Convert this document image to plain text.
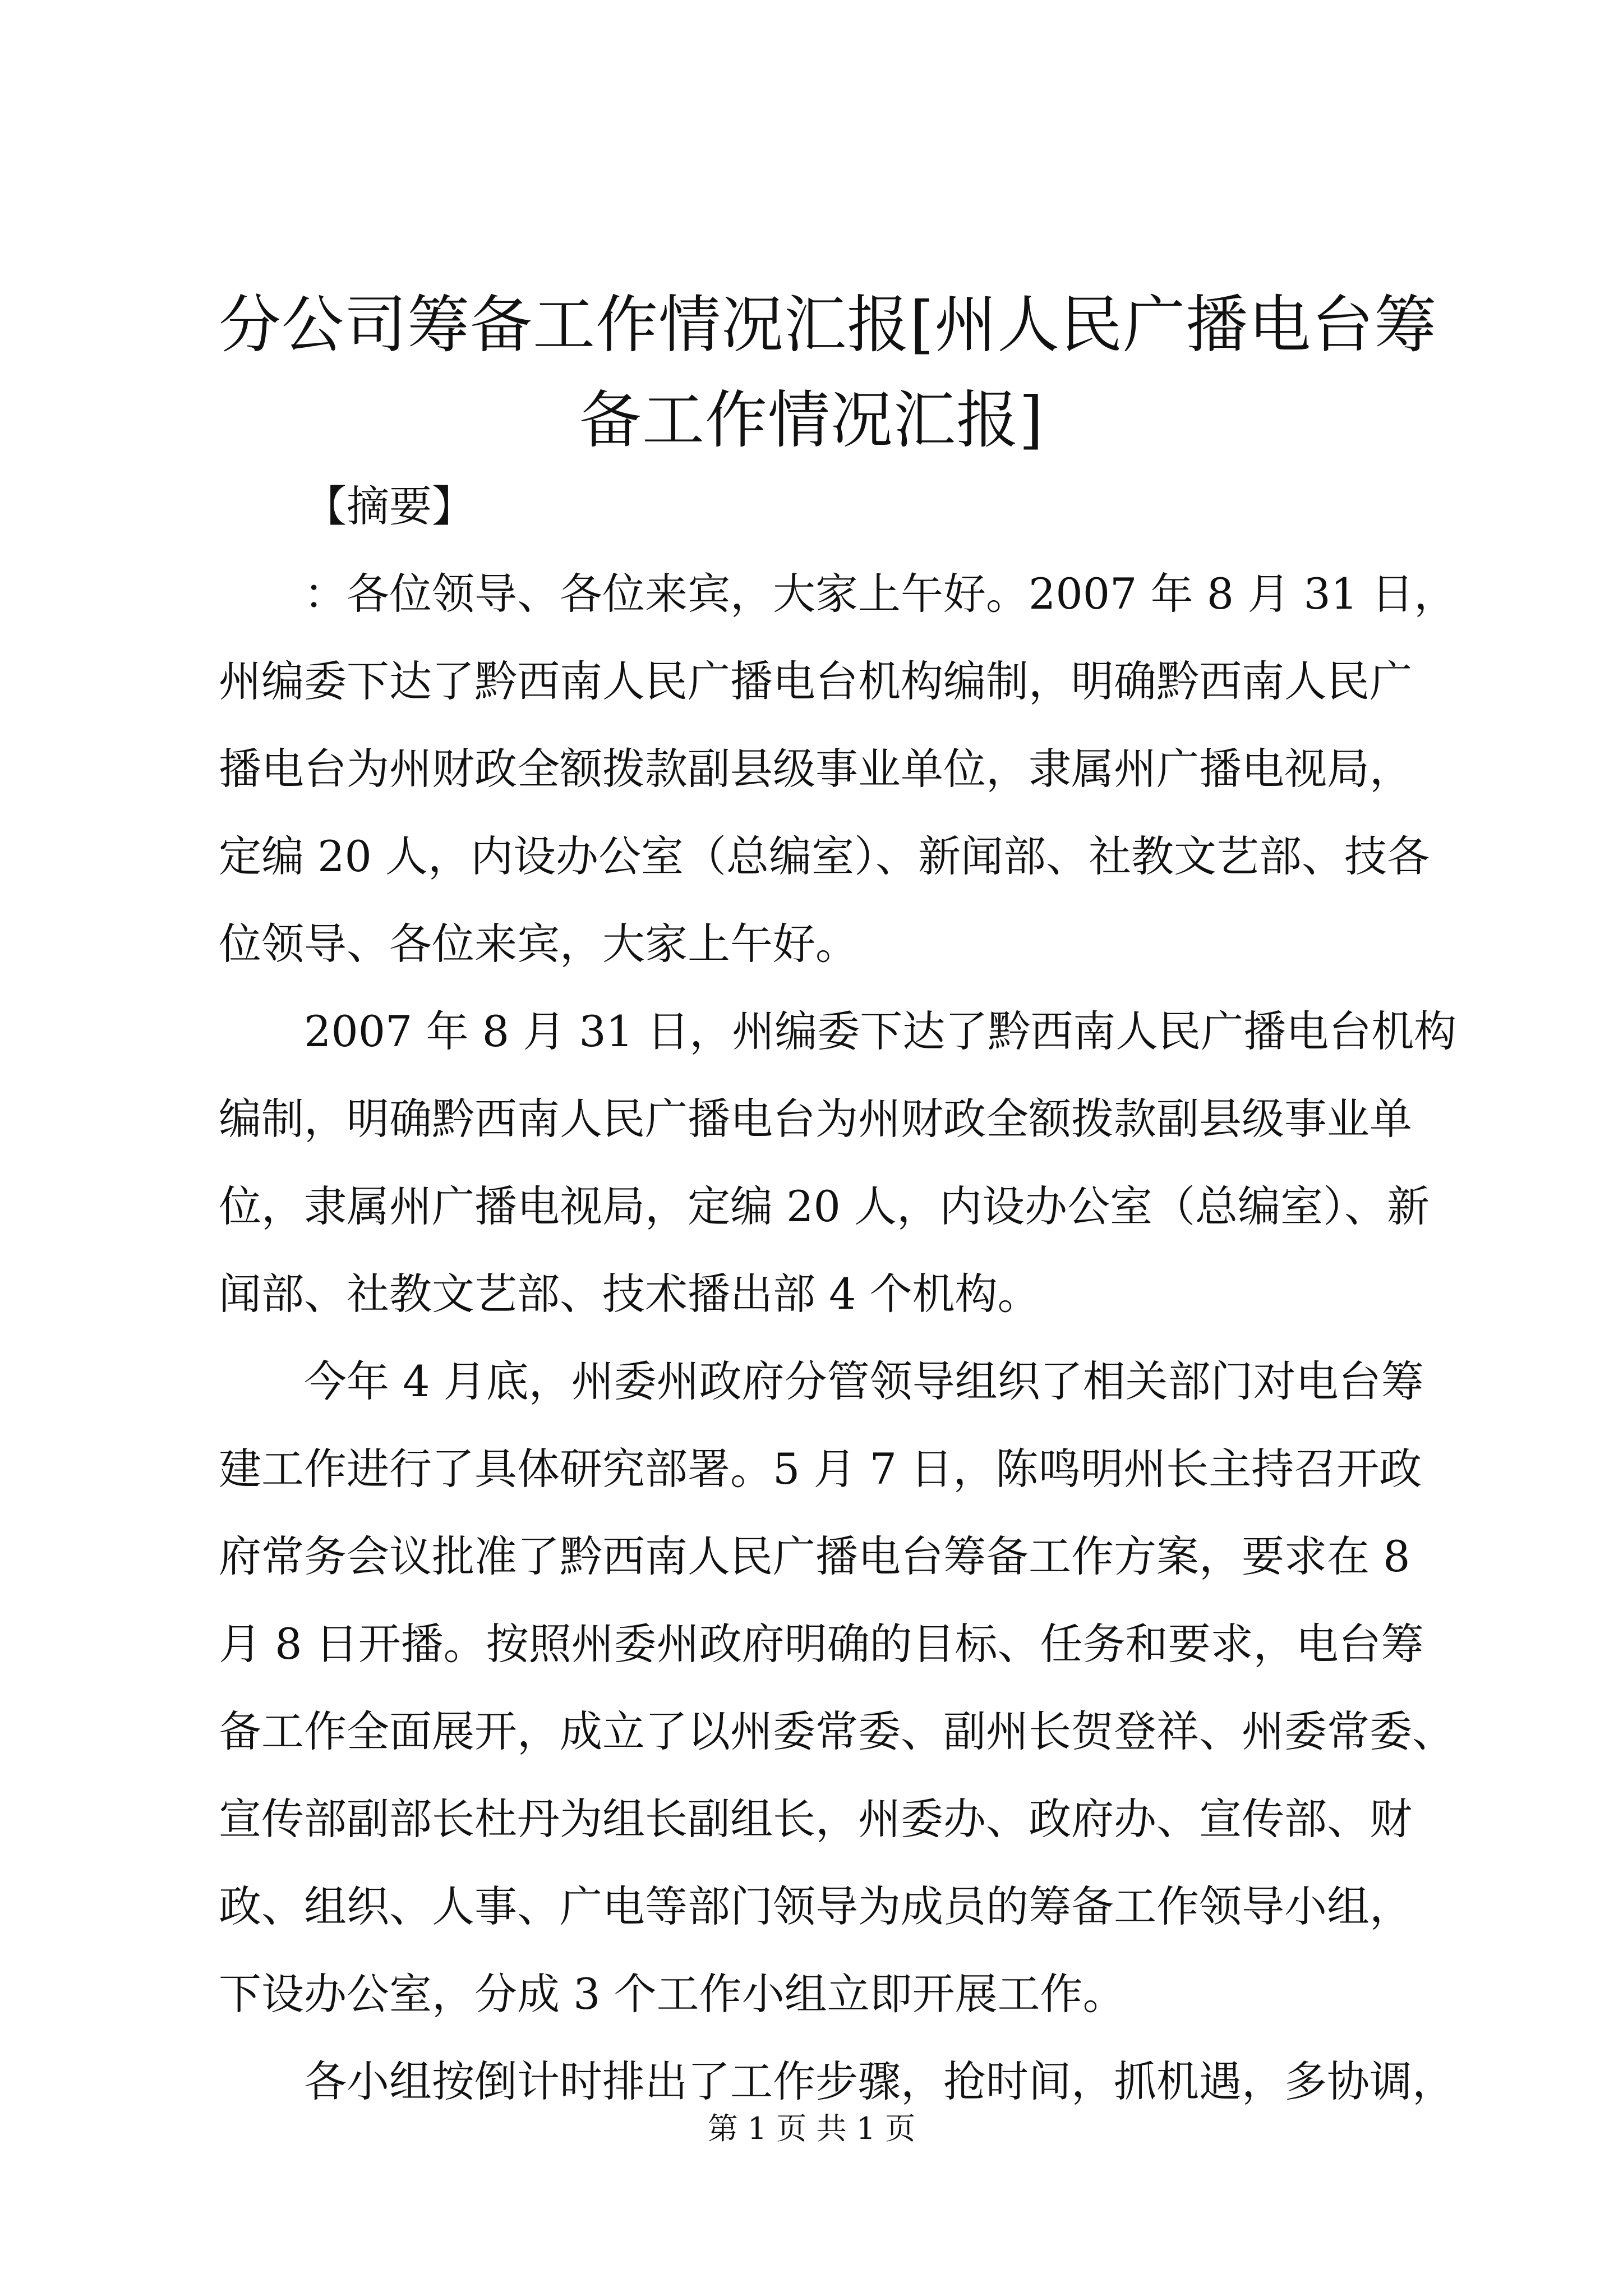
分公司筹备工作情况汇报[州人民广播电台筹
备工作情况汇报]

【摘要】

：各位领导、各位来宾，大家上午好。2007 年 8 月 31 日，
州编委下达了黔西南人民广播电台机构编制，明确黔西南人民广
播电台为州财政全额拨款副县级事业单位，隶属州广播电视局，
定编 20 人，内设办公室（总编室）、新闻部、社教文艺部、技各
位领导、各位来宾，大家上午好。

2007 年 8 月 31 日，州编委下达了黔西南人民广播电台机构
编制，明确黔西南人民广播电台为州财政全额拨款副县级事业单
位，隶属州广播电视局，定编 20 人，内设办公室（总编室）、新
闻部、社教文艺部、技术播出部 4 个机构。

今年 4 月底，州委州政府分管领导组织了相关部门对电台筹
建工作进行了具体研究部署。5 月 7 日，陈鸣明州长主持召开政
府常务会议批准了黔西南人民广播电台筹备工作方案，要求在 8
月 8 日开播。按照州委州政府明确的目标、任务和要求，电台筹
备工作全面展开，成立了以州委常委、副州长贺登祥、州委常委、
宣传部副部长杜丹为组长副组长，州委办、政府办、宣传部、财
政、组织、人事、广电等部门领导为成员的筹备工作领导小组，
下设办公室，分成 3 个工作小组立即开展工作。

各小组按倒计时排出了工作步骤，抢时间，抓机遇，多协调，

第 1 页 共 1 页
